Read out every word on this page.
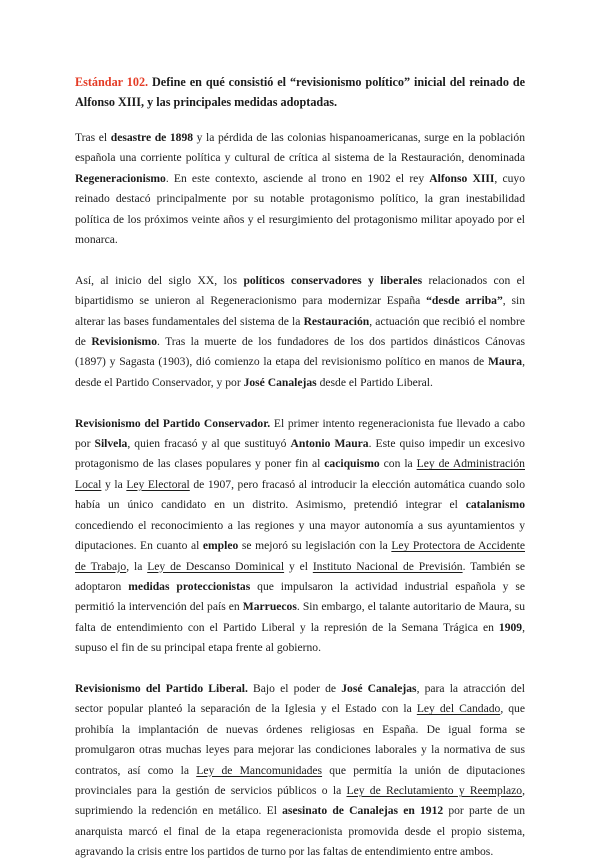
Estándar 102. Define en qué consistió el “revisionismo político” inicial del reinado de Alfonso XIII, y las principales medidas adoptadas.

Tras el desastre de 1898 y la pérdida de las colonias hispanoamericanas, surge en la población española una corriente política y cultural de crítica al sistema de la Restauración, denominada Regeneracionismo. En este contexto, asciende al trono en 1902 el rey Alfonso XIII, cuyo reinado destacó principalmente por su notable protagonismo político, la gran inestabilidad política de los próximos veinte años y el resurgimiento del protagonismo militar apoyado por el monarca.

Así, al inicio del siglo XX, los políticos conservadores y liberales relacionados con el bipartidismo se unieron al Regeneracionismo para modernizar España “desde arriba”, sin alterar las bases fundamentales del sistema de la Restauración, actuación que recibió el nombre de Revisionismo. Tras la muerte de los fundadores de los dos partidos dinásticos Cánovas (1897) y Sagasta (1903), dió comienzo la etapa del revisionismo político en manos de Maura, desde el Partido Conservador, y por José Canalejas desde el Partido Liberal.

Revisionismo del Partido Conservador. El primer intento regeneracionista fue llevado a cabo por Silvela, quien fracasó y al que sustituyó Antonio Maura. Este quiso impedir un excesivo protagonismo de las clases populares y poner fin al caciquismo con la Ley de Administración Local y la Ley Electoral de 1907, pero fracasó al introducir la elección automática cuando solo había un único candidato en un distrito. Asimismo, pretendió integrar el catalanismo concediendo el reconocimiento a las regiones y una mayor autonomía a sus ayuntamientos y diputaciones. En cuanto al empleo se mejoró su legislación con la Ley Protectora de Accidente de Trabajo, la Ley de Descanso Dominical y el Instituto Nacional de Previsión. También se adoptaron medidas proteccionistas que impulsaron la actividad industrial española y se permitió la intervención del país en Marruecos. Sin embargo, el talante autoritario de Maura, su falta de entendimiento con el Partido Liberal y la represión de la Semana Trágica en 1909, supuso el fin de su principal etapa frente al gobierno.

Revisionismo del Partido Liberal. Bajo el poder de José Canalejas, para la atracción del sector popular planteó la separación de la Iglesia y el Estado con la Ley del Candado, que prohibía la implantación de nuevas órdenes religiosas en España. De igual forma se promulgaron otras muchas leyes para mejorar las condiciones laborales y la normativa de sus contratos, así como la Ley de Mancomunidades que permitía la unión de diputaciones provinciales para la gestión de servicios públicos o la Ley de Reclutamiento y Reemplazo, suprimiendo la redención en metálico. El asesinato de Canalejas en 1912 por parte de un anarquista marcó el final de la etapa regeneracionista promovida desde el propio sistema, agravando la crisis entre los partidos de turno por las faltas de entendimiento entre ambos.
